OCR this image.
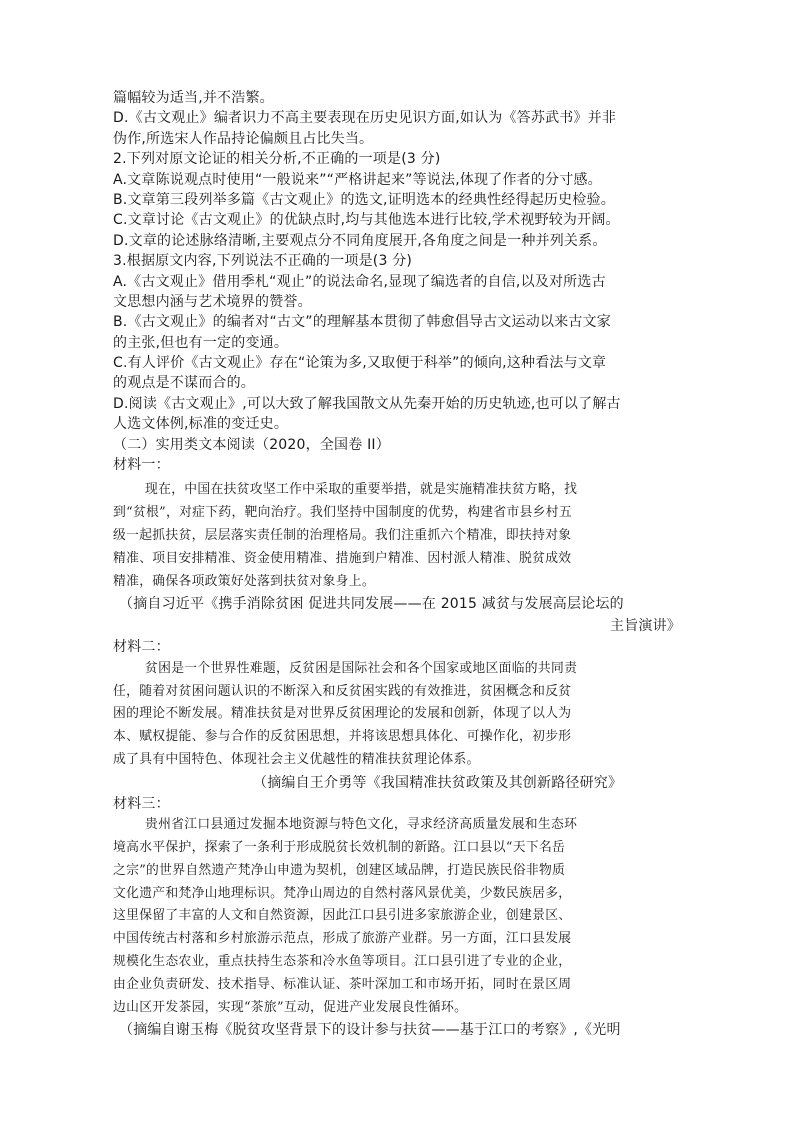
篇幅较为适当,并不浩繁。
D.《古文观止》编者识力不高主要表现在历史见识方面,如认为《答苏武书》并非
伪作,所选宋人作品持论偏颇且占比失当。
2.下列对原文论证的相关分析,不正确的一项是(3 分)
A.文章陈说观点时使用“一般说来”“严格讲起来”等说法,体现了作者的分寸感。
B.文章第三段列举多篇《古文观止》的选文,证明选本的经典性经得起历史检验。
C.文章讨论《古文观止》的优缺点时,均与其他选本进行比较,学术视野较为开阔。
D.文章的论述脉络清晰,主要观点分不同角度展开,各角度之间是一种并列关系。
3.根据原文内容,下列说法不正确的一项是(3 分)
A.《古文观止》借用季札“观止”的说法命名,显现了编选者的自信,以及对所选古
文思想内涵与艺术境界的赞誉。
B.《古文观止》的编者对“古文”的理解基本贯彻了韩愈倡导古文运动以来古文家
的主张,但也有一定的变通。
C.有人评价《古文观止》存在“论策为多,又取便于科举”的倾向,这种看法与文章
的观点是不谋而合的。
D.阅读《古文观止》,可以大致了解我国散文从先秦开始的历史轨迹,也可以了解古
人选文体例,标准的变迁史。
（二）实用类文本阅读（2020，全国卷 II）
材料一：
现在，中国在扶贫攻坚工作中采取的重要举措，就是实施精准扶贫方略，找
到“贫根”，对症下药，靶向治疗。我们坚持中国制度的优势，构建省市县乡村五
级一起抓扶贫，层层落实责任制的治理格局。我们注重抓六个精准，即扶持对象
精准、项目安排精准、资金使用精准、措施到户精准、因村派人精准、脱贫成效
精准，确保各项政策好处落到扶贫对象身上。
（摘自习近平《携手消除贫困 促进共同发展——在 2015 减贫与发展高层论坛的
主旨演讲》
材料二：
贫困是一个世界性难题，反贫困是国际社会和各个国家或地区面临的共同责
任，随着对贫困问题认识的不断深入和反贫困实践的有效推进，贫困概念和反贫
困的理论不断发展。精准扶贫是对世界反贫困理论的发展和创新，体现了以人为
本、赋权提能、参与合作的反贫困思想，并将该思想具体化、可操作化，初步形
成了具有中国特色、体现社会主义优越性的精准扶贫理论体系。
（摘编自王介勇等《我国精准扶贫政策及其创新路径研究》
材料三：
贵州省江口县通过发掘本地资源与特色文化，寻求经济高质量发展和生态环
境高水平保护，探索了一条利于形成脱贫长效机制的新路。江口县以“天下名岳
之宗”的世界自然遗产梵净山申遗为契机，创建区域品牌，打造民族民俗非物质
文化遗产和梵净山地理标识。梵净山周边的自然村落风景优美，少数民族居多，
这里保留了丰富的人文和自然资源，因此江口县引进多家旅游企业，创建景区、
中国传统古村落和乡村旅游示范点，形成了旅游产业群。另一方面，江口县发展
规模化生态农业，重点扶持生态茶和冷水鱼等项目。江口县引进了专业的企业，
由企业负责研发、技术指导、标准认证、茶叶深加工和市场开拓，同时在景区周
边山区开发茶园，实现“茶旅”互动，促进产业发展良性循环。
（摘编自谢玉梅《脱贫攻坚背景下的设计参与扶贫——基于江口的考察》,《光明
